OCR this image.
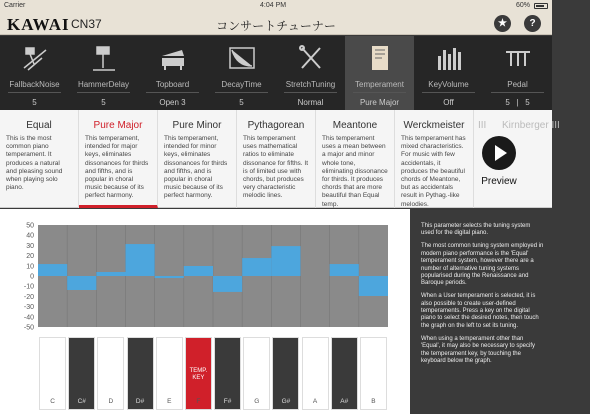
Carrier	4:04 PM	60%
KAWAI CN37	コンサートチューナー	★	?
FallbackNoise
5
HammerDelay
5
Topboard
Open 3
DecayTime
5
StretchTuning
Normal
Temperament
Pure Major
KeyVolume
Off
Pedal
5 | 5
Equal
This is the most common piano temperament. It produces a natural and pleasing sound when playing solo piano.
Pure Major
This temperament, intended for major keys, eliminates dissonances for thirds and fifths, and is popular in choral music because of its perfect harmony.
Pure Minor
This temperament, intended for minor keys, eliminates dissonances for thirds and fifths, and is popular in choral music because of its perfect harmony.
Pythagorean
This temperament uses mathematical ratios to eliminate dissonance for fifths. It is of limited use with chords, but produces very characteristic melodic lines.
Meantone
This temperament uses a mean between a major and minor whole tone, eliminating dissonance for thirds. It produces chords that are more beautiful than Equal temp.
Werckmeister
This temperament has mixed characteristics. For music with few accidentals, it produces the beautiful chords of Meantone, but as accidentals result in Pythag.-like melodies.
III	Kirnberger III
Preview
50
40
30
20
10
0
-10
-20
-30
-40
-50
C	C#	D	D#	E
TEMP.
KEY
F	F#	G	G#	A	A#	B

This parameter selects the tuning system used for the digital piano.

The most common tuning system employed in modern piano performance is the 'Equal' temperament system, however there are a number of alternative tuning systems popularised during the Renaissance and Baroque periods.

When a User temperament is selected, it is also possible to create user-defined temperaments. Press a key on the digital piano to select the desired notes, then touch the graph on the left to set its tuning.

When using a temperament other than 'Equal', it may also be necessary to specify the temperament key, by touching the keyboard below the graph.
